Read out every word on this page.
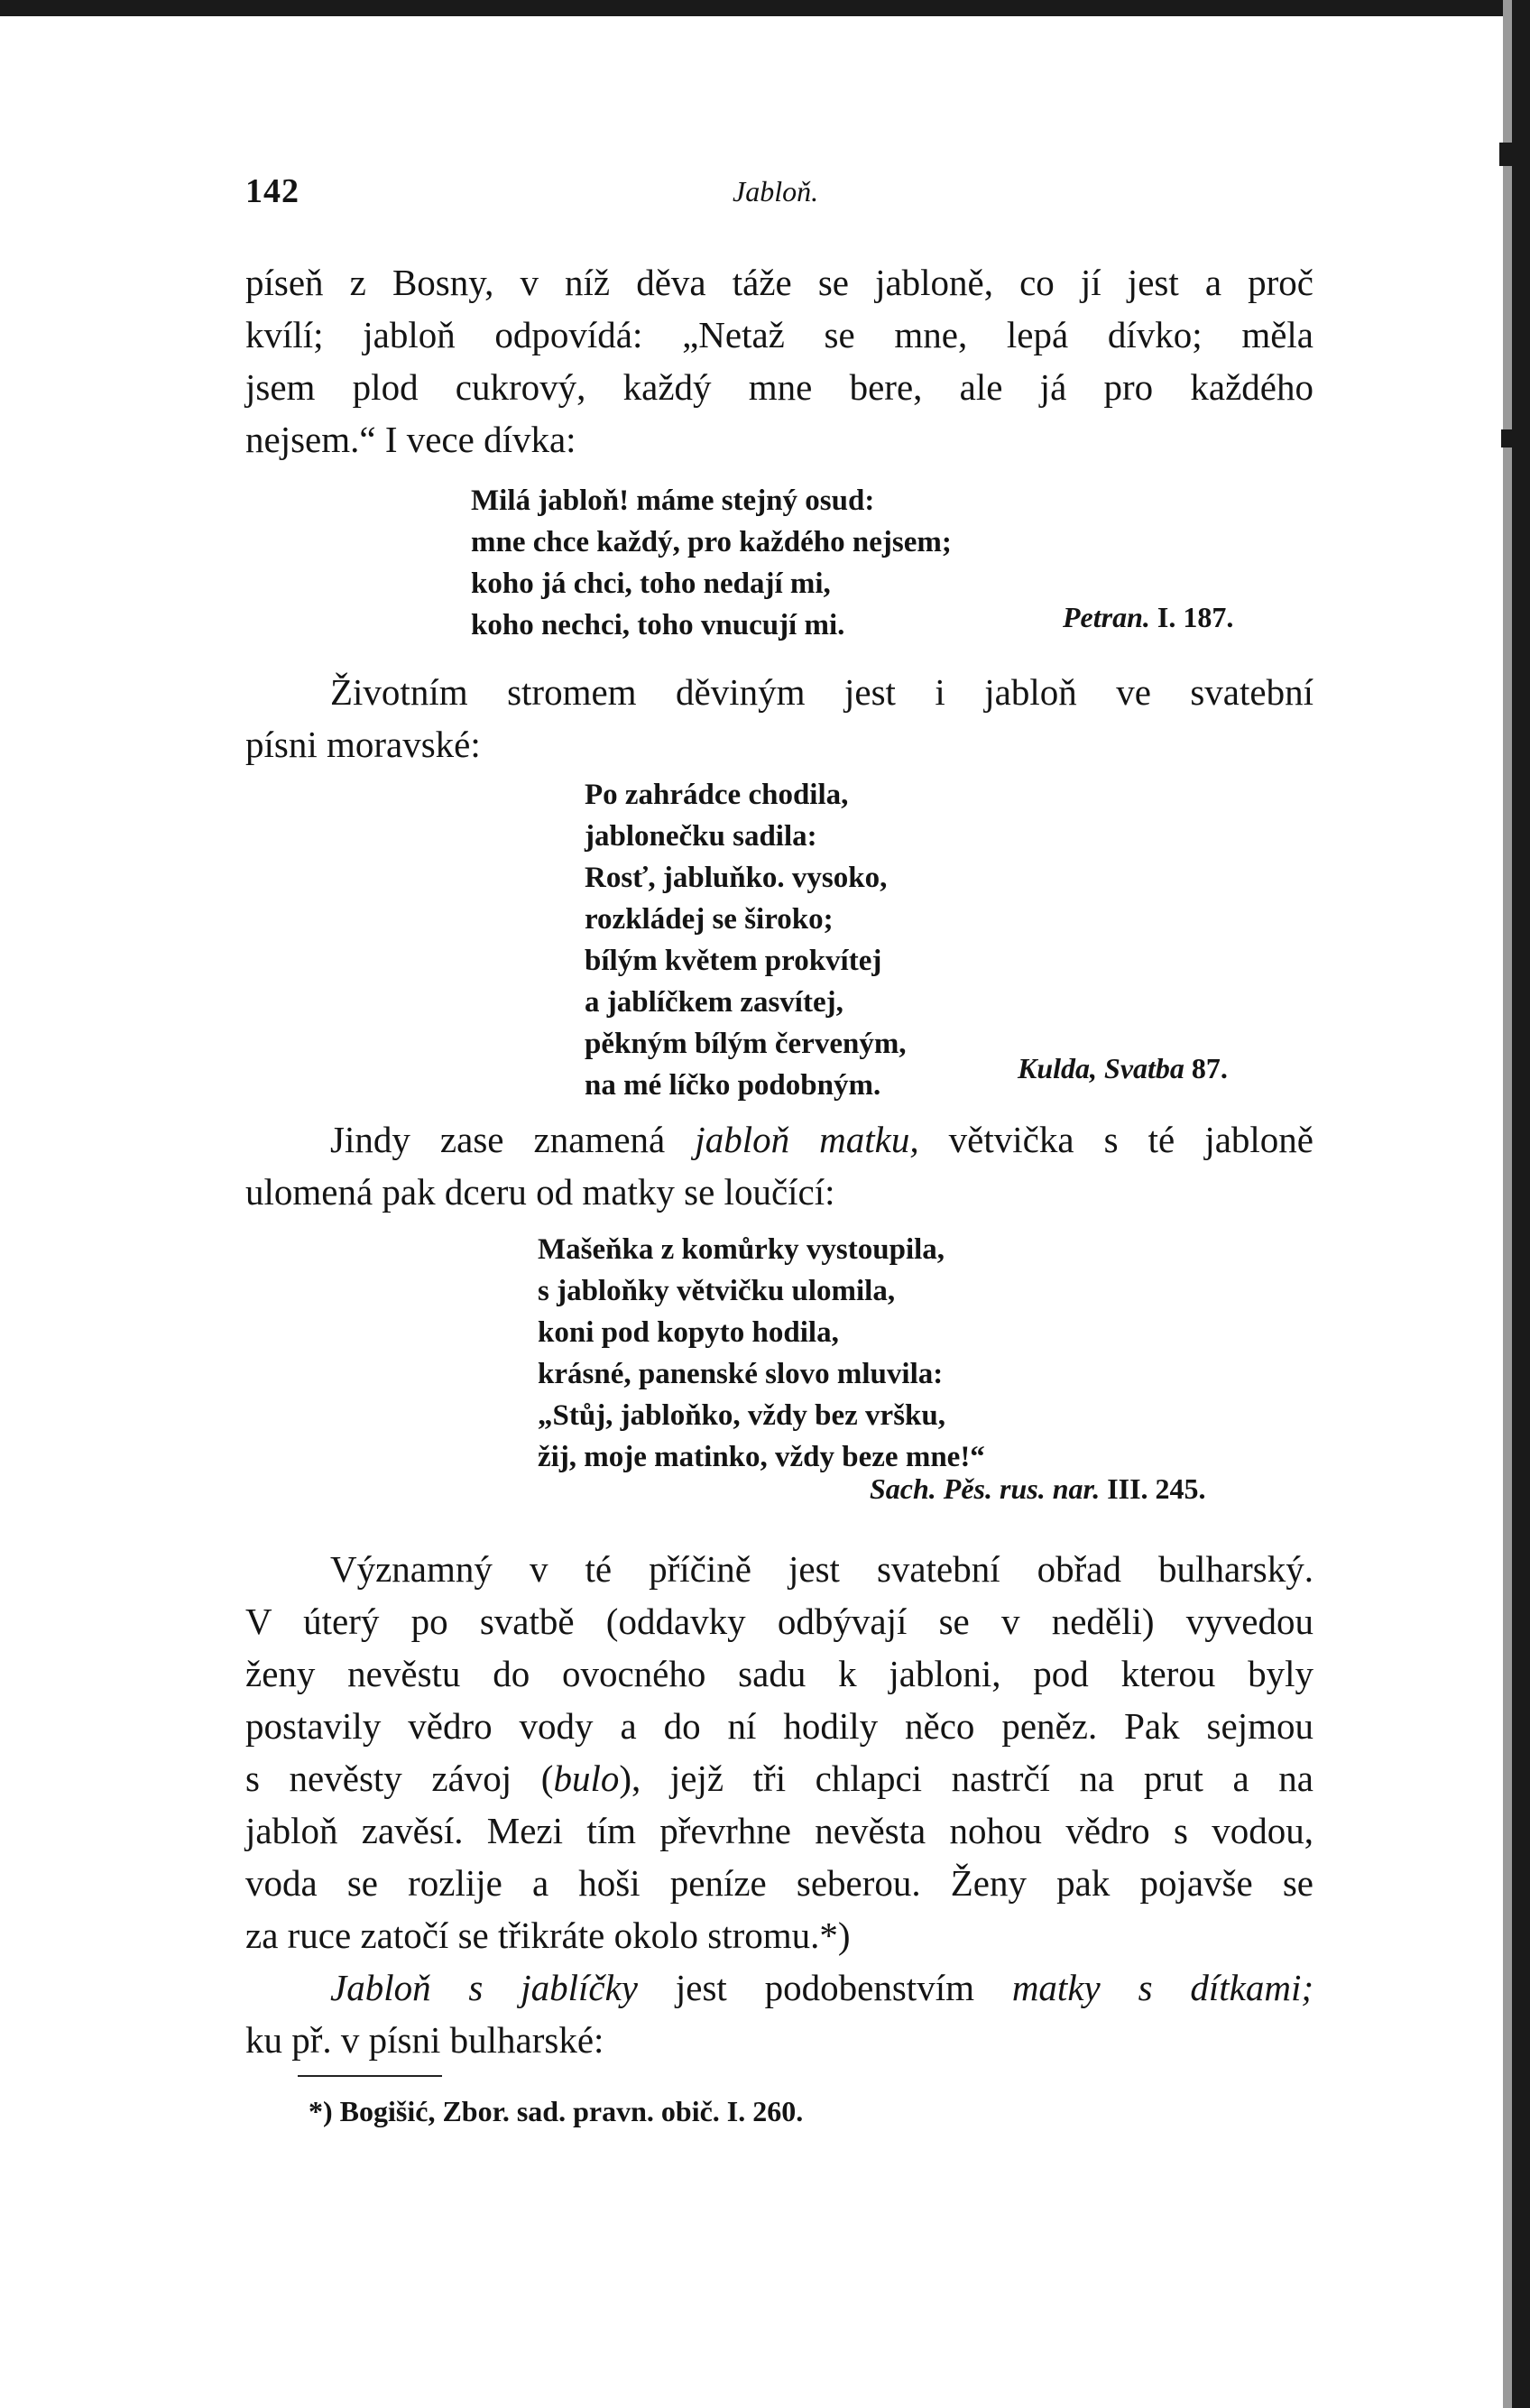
142	Jabloň.
píseň z Bosny, v níž děva táže se jabloně, co jí jest a proč
kvílí; jabloň odpovídá: „Netaž se mne, lepá dívko; měla
jsem plod cukrový, každý mne bere, ale já pro každého
nejsem.“ I vece dívka:
Milá jabloň! máme stejný osud:
mne chce každý, pro každého nejsem;
koho já chci, toho nedají mi,
koho nechci, toho vnucují mi.	Petran. I. 187.
Životním stromem děviným jest i jabloň ve svatební
písni moravské:
Po zahrádce chodila,
jablonečku sadila:
Rosť, jabluňko. vysoko,
rozkládej se široko;
bílým květem prokvítej
a jablíčkem zasvítej,
pěkným bílým červeným,
na mé líčko podobným.
Kulda, Svatba 87.
Jindy zase znamená jabloň matku, větvička s té jabloně
ulomená pak dceru od matky se loučící:
Mašeňka z komůrky vystoupila,
s jabloňky větvičku ulomila,
koni pod kopyto hodila,
krásné, panenské slovo mluvila:
„Stůj, jabloňko, vždy bez vršku,
žij, moje matinko, vždy beze mne!“
Sach. Pěs. rus. nar. III. 245.
Významný v té příčině jest svatební obřad bulharský.
V úterý po svatbě (oddavky odbývají se v neděli) vyvedou
ženy nevěstu do ovocného sadu k jabloni, pod kterou byly
postavily vědro vody a do ní hodily něco peněz. Pak sejmou
s nevěsty závoj (bulo), jejž tři chlapci nastrčí na prut a na
jabloň zavěsí. Mezi tím převrhne nevěsta nohou vědro s vodou,
voda se rozlije a hoši peníze seberou. Ženy pak pojavše se
za ruce zatočí se třikráte okolo stromu.*)
Jabloň s jablíčky jest podobenstvím matky s dítkami;
ku př. v písni bulharské:
*) Bogišić, Zbor. sad. pravn. obič. I. 260.
